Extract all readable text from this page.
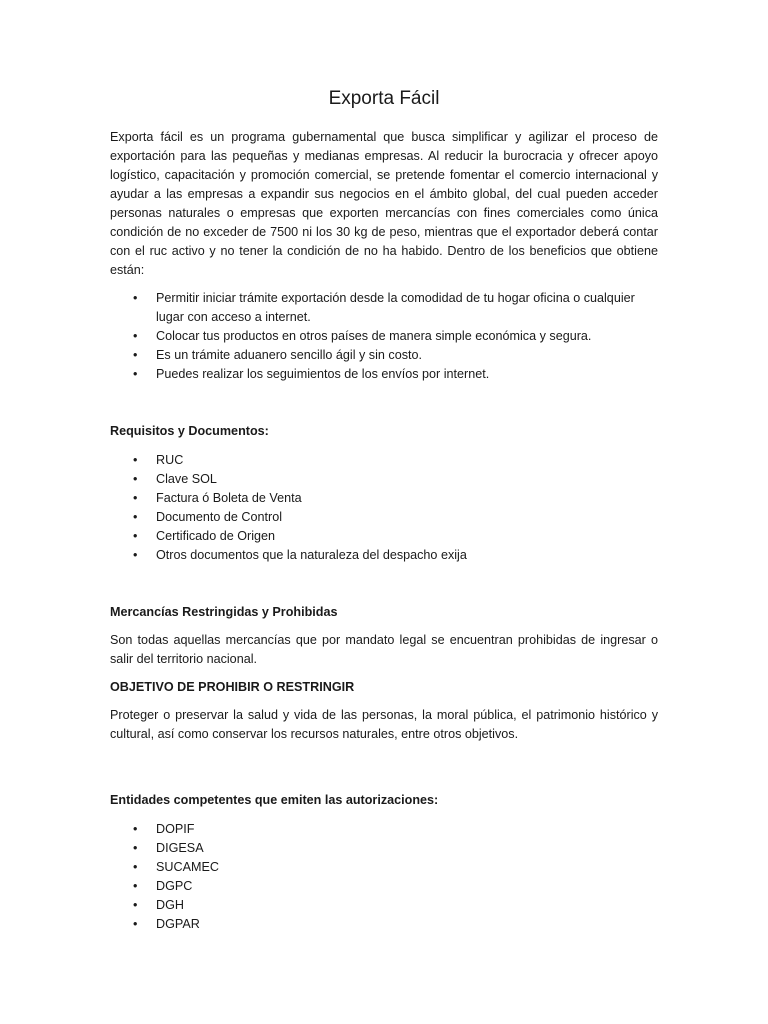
Exporta Fácil

Exporta fácil es un programa gubernamental que busca simplificar y agilizar el proceso de exportación para las pequeñas y medianas empresas. Al reducir la burocracia y ofrecer apoyo logístico, capacitación y promoción comercial, se pretende fomentar el comercio internacional y ayudar a las empresas a expandir sus negocios en el ámbito global, del cual pueden acceder personas naturales o empresas que exporten mercancías con fines comerciales como única condición de no exceder de 7500 ni los 30 kg de peso, mientras que el exportador deberá contar con el ruc activo y no tener la condición de no ha habido. Dentro de los beneficios que obtiene están:

• Permitir iniciar trámite exportación desde la comodidad de tu hogar oficina o cualquier lugar con acceso a internet.
• Colocar tus productos en otros países de manera simple económica y segura.
• Es un trámite aduanero sencillo ágil y sin costo.
• Puedes realizar los seguimientos de los envíos por internet.

Requisitos y Documentos:

• RUC
• Clave SOL
• Factura ó Boleta de Venta
• Documento de Control
• Certificado de Origen
• Otros documentos que la naturaleza del despacho exija

Mercancías Restringidas y Prohibidas

Son todas aquellas mercancías que por mandato legal se encuentran prohibidas de ingresar o salir del territorio nacional.

OBJETIVO DE PROHIBIR O RESTRINGIR

Proteger o preservar la salud y vida de las personas, la moral pública, el patrimonio histórico y cultural, así como conservar los recursos naturales, entre otros objetivos.

Entidades competentes que emiten las autorizaciones:

• DOPIF
• DIGESA
• SUCAMEC
• DGPC
• DGH
• DGPAR
